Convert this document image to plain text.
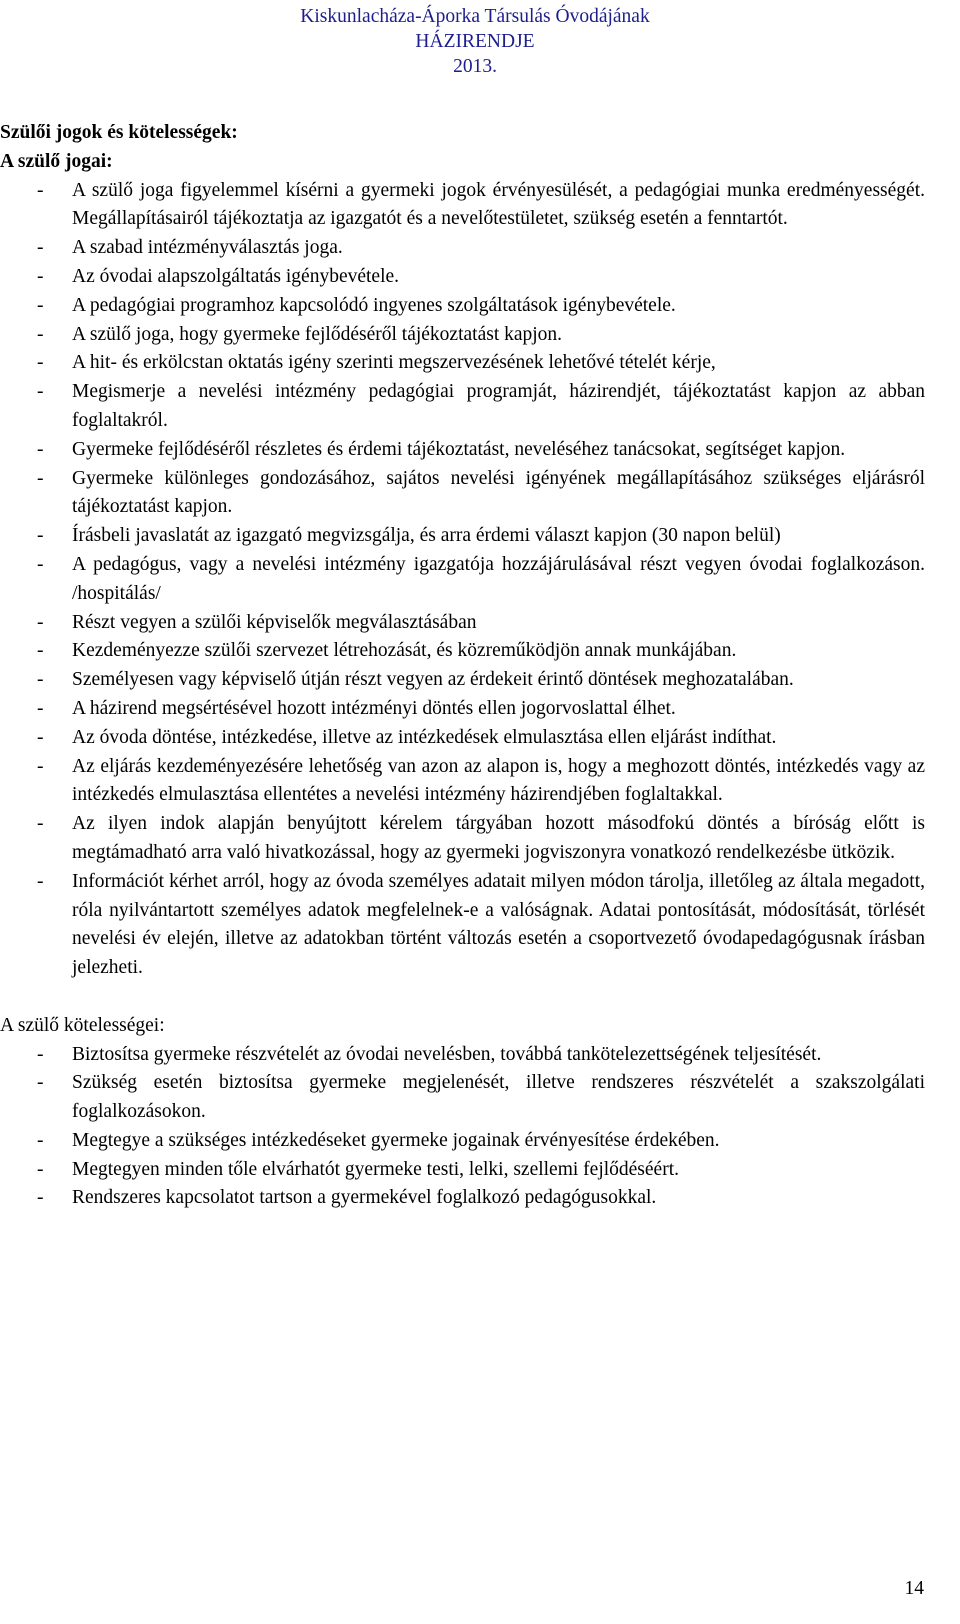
Kiskunlacháza-Áporka Társulás Óvodájának
HÁZIRENDJE
2013.
Szülői jogok és kötelességek:
A szülő jogai:
- A szülő joga figyelemmel kísérni a gyermeki jogok érvényesülését, a pedagógiai munka eredményességét. Megállapításairól tájékoztatja az igazgatót és a nevelőtestületet, szükség esetén a fenntartót.
- A szabad intézményválasztás joga.
- Az óvodai alapszolgáltatás igénybevétele.
- A pedagógiai programhoz kapcsolódó ingyenes szolgáltatások igénybevétele.
- A szülő joga, hogy gyermeke fejlődéséről tájékoztatást kapjon.
- A hit- és erkölcstan oktatás igény szerinti megszervezésének lehetővé tételét kérje,
- Megismerje a nevelési intézmény pedagógiai programját, házirendjét, tájékoztatást kapjon az abban foglaltakról.
- Gyermeke fejlődéséről részletes és érdemi tájékoztatást, neveléséhez tanácsokat, segítséget kapjon.
- Gyermeke különleges gondozásához, sajátos nevelési igényének megállapításához szükséges eljárásról tájékoztatást kapjon.
- Írásbeli javaslatát az igazgató megvizsgálja, és arra érdemi választ kapjon (30 napon belül)
- A pedagógus, vagy a nevelési intézmény igazgatója hozzájárulásával részt vegyen óvodai foglalkozáson. /hospitálás/
- Részt vegyen a szülői képviselők megválasztásában
- Kezdeményezze szülői szervezet létrehozását, és közreműködjön annak munkájában.
- Személyesen vagy képviselő útján részt vegyen az érdekeit érintő döntések meghozatalában.
- A házirend megsértésével hozott intézményi döntés ellen jogorvoslattal élhet.
- Az óvoda döntése, intézkedése, illetve az intézkedések elmulasztása ellen eljárást indíthat.
- Az eljárás kezdeményezésére lehetőség van azon az alapon is, hogy a meghozott döntés, intézkedés vagy az intézkedés elmulasztása ellentétes a nevelési intézmény házirendjében foglaltakkal.
- Az ilyen indok alapján benyújtott kérelem tárgyában hozott másodfokú döntés a bíróság előtt is megtámadható arra való hivatkozással, hogy az gyermeki jogviszonyra vonatkozó rendelkezésbe ütközik.
- Információt kérhet arról, hogy az óvoda személyes adatait milyen módon tárolja, illetőleg az általa megadott, róla nyilvántartott személyes adatok megfelelnek-e a valóságnak. Adatai pontosítását, módosítását, törlését nevelési év elején, illetve az adatokban történt változás esetén a csoportvezető óvodapedagógusnak írásban jelezheti.
A szülő kötelességei:
- Biztosítsa gyermeke részvételét az óvodai nevelésben, továbbá tankötelezettségének teljesítését.
- Szükség esetén biztosítsa gyermeke megjelenését, illetve rendszeres részvételét a szakszolgálati foglalkozásokon.
- Megtegye a szükséges intézkedéseket gyermeke jogainak érvényesítése érdekében.
- Megtegyen minden tőle elvárhatót gyermeke testi, lelki, szellemi fejlődéséért.
- Rendszeres kapcsolatot tartson a gyermekével foglalkozó pedagógusokkal.
14
